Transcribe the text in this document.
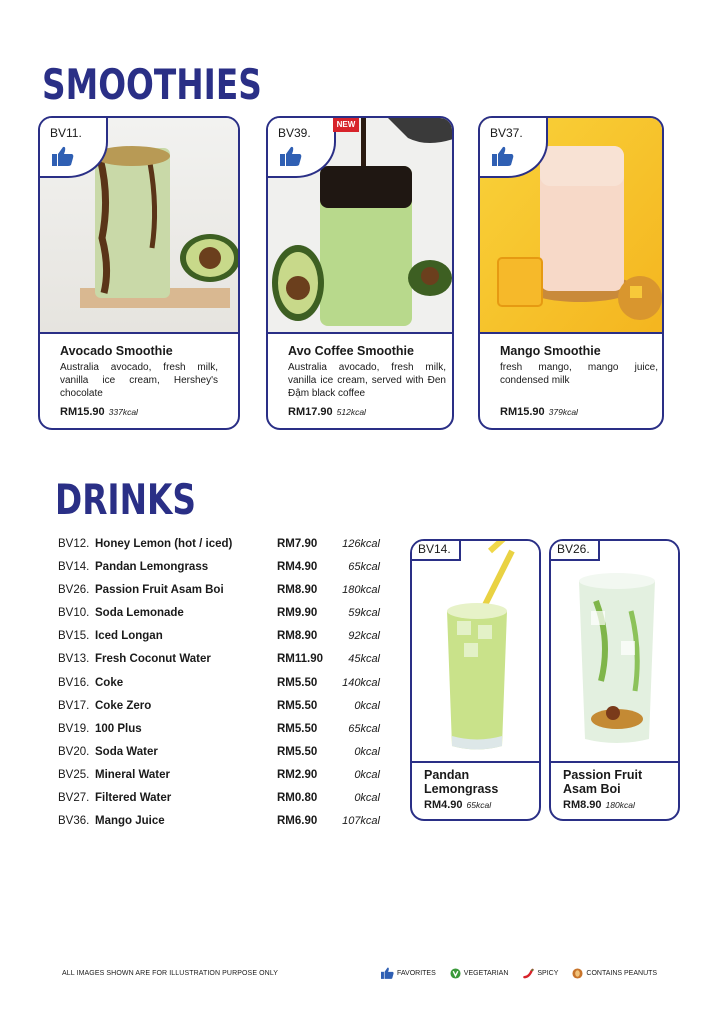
SMOOTHIES
NEW
BV11.
Avocado Smoothie
Australia avocado, fresh milk, vanilla ice cream, Hershey's chocolate
RM15.90 337kcal
BV39.
Avo Coffee Smoothie
Australia avocado, fresh milk, vanilla ice cream, served with Đen Đậm black coffee
RM17.90 512kcal
BV37.
Mango Smoothie
fresh mango, mango juice, condensed milk
RM15.90 379kcal
DRINKS
BV12. Honey Lemon (hot / iced)	RM7.90 126kcal
BV14. Pandan Lemongrass	RM4.90	65kcal
BV26. Passion Fruit Asam Boi	RM8.90 180kcal
BV10. Soda Lemonade	RM9.90	59kcal
BV15. Iced Longan	RM8.90	92kcal
BV13. Fresh Coconut Water	RM11.90 45kcal
BV16. Coke	RM5.50 140kcal
BV17. Coke Zero	RM5.50	0kcal
BV19. 100 Plus	RM5.50	65kcal
BV20. Soda Water	RM5.50	0kcal
BV25. Mineral Water	RM2.90	0kcal
BV27. Filtered Water	RM0.80	0kcal
BV36. Mango Juice	RM6.90 107kcal
BV14.
Pandan Lemongrass
RM4.90 65kcal
BV26.
Passion Fruit Asam Boi
RM8.90 180kcal
ALL IMAGES SHOWN ARE FOR ILLUSTRATION PURPOSE ONLY	FAVORITES	VEGETARIAN	SPICY	CONTAINS PEANUTS
